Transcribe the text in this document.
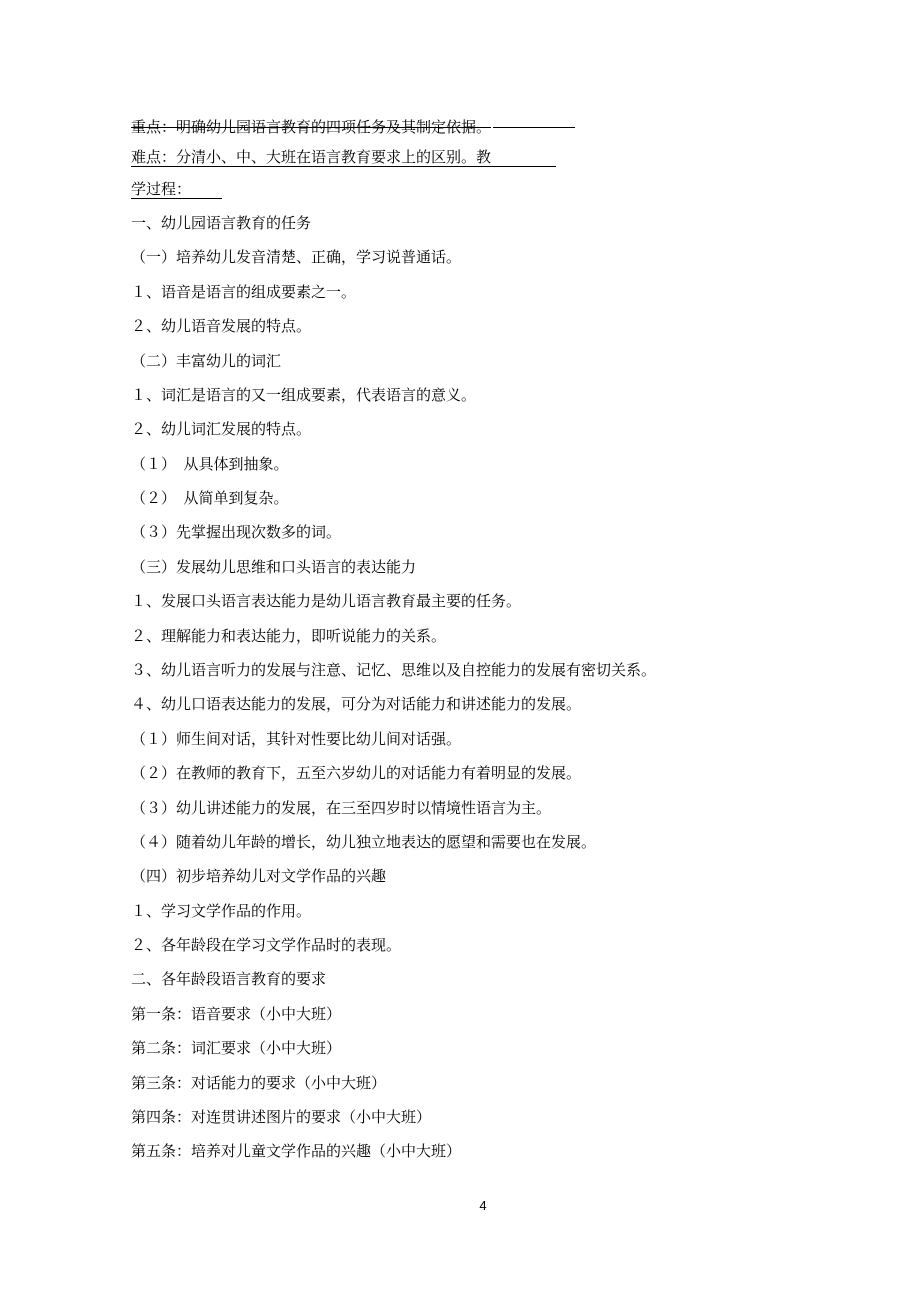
重点：明确幼儿园语言教育的四项任务及其制定依据。
难点：分清小、中、大班在语言教育要求上的区别。教
学过程：
一、幼儿园语言教育的任务
（一）培养幼儿发音清楚、正确，学习说普通话。
１、语音是语言的组成要素之一。
２、幼儿语音发展的特点。
（二）丰富幼儿的词汇
１、词汇是语言的又一组成要素，代表语言的意义。
２、幼儿词汇发展的特点。
（１）　从具体到抽象。
（２）　从简单到复杂。
（３）先掌握出现次数多的词。
（三）发展幼儿思维和口头语言的表达能力
１、发展口头语言表达能力是幼儿语言教育最主要的任务。
２、理解能力和表达能力，即听说能力的关系。
３、幼儿语言听力的发展与注意、记忆、思维以及自控能力的发展有密切关系。
４、幼儿口语表达能力的发展，可分为对话能力和讲述能力的发展。
（１）师生间对话，其针对性要比幼儿间对话强。
（２）在教师的教育下，五至六岁幼儿的对话能力有着明显的发展。
（３）幼儿讲述能力的发展，在三至四岁时以情境性语言为主。
（４）随着幼儿年龄的增长，幼儿独立地表达的愿望和需要也在发展。
（四）初步培养幼儿对文学作品的兴趣
１、学习文学作品的作用。
２、各年龄段在学习文学作品时的表现。
二、各年龄段语言教育的要求
第一条：语音要求（小中大班）
第二条：词汇要求（小中大班）
第三条：对话能力的要求（小中大班）
第四条：对连贯讲述图片的要求（小中大班）
第五条：培养对儿童文学作品的兴趣（小中大班）
4
